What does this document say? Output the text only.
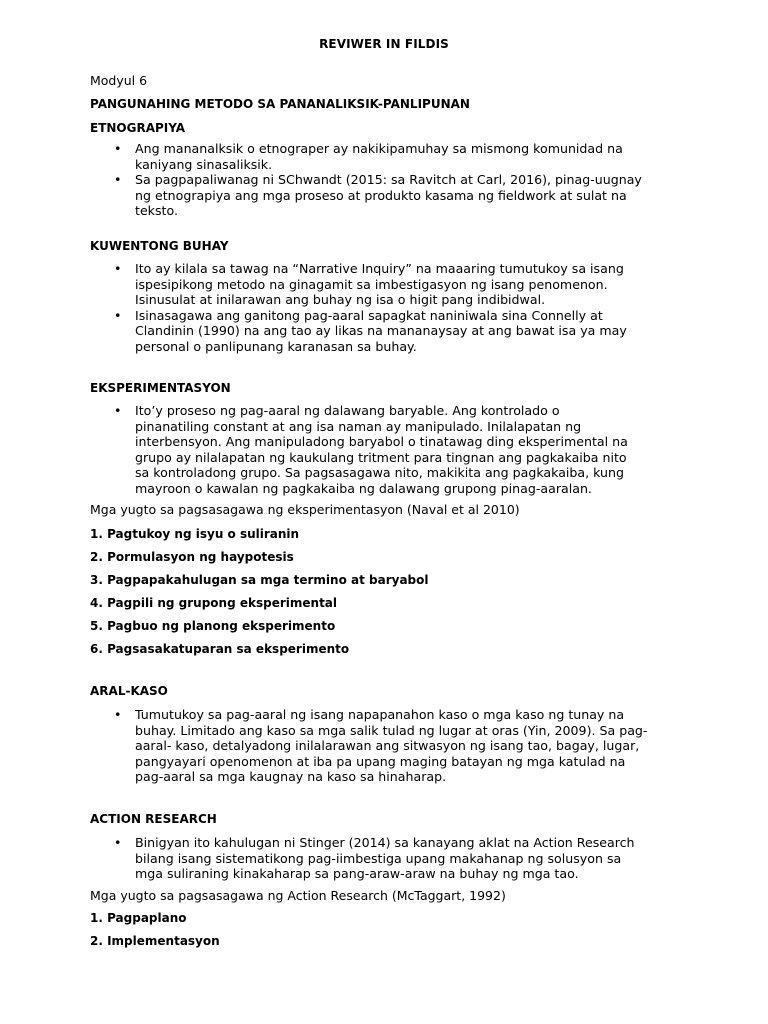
REVIWER IN FILDIS
Modyul 6
PANGUNAHING METODO SA PANANALIKSIK-PANLIPUNAN
ETNOGRAPIYA
• Ang mananalksik o etnograper ay nakikipamuhay sa mismong komunidad na
kaniyang sinasaliksik.
• Sa pagpapaliwanag ni SChwandt (2015: sa Ravitch at Carl, 2016), pinag-uugnay
ng etnograpiya ang mga proseso at produkto kasama ng fieldwork at sulat na
teksto.
KUWENTONG BUHAY
• Ito ay kilala sa tawag na “Narrative Inquiry” na maaaring tumutukoy sa isang
ispesipikong metodo na ginagamit sa imbestigasyon ng isang penomenon.
Isinusulat at inilarawan ang buhay ng isa o higit pang indibidwal.
• Isinasagawa ang ganitong pag-aaral sapagkat naniniwala sina Connelly at
Clandinin (1990) na ang tao ay likas na mananaysay at ang bawat isa ya may
personal o panlipunang karanasan sa buhay.
EKSPERIMENTASYON
• Ito’y proseso ng pag-aaral ng dalawang baryable. Ang kontrolado o
pinanatiling constant at ang isa naman ay manipulado. Inilalapatan ng
interbensyon. Ang manipuladong baryabol o tinatawag ding eksperimental na
grupo ay nilalapatan ng kaukulang tritment para tingnan ang pagkakaiba nito
sa kontroladong grupo. Sa pagsasagawa nito, makikita ang pagkakaiba, kung
mayroon o kawalan ng pagkakaiba ng dalawang grupong pinag-aaralan.
Mga yugto sa pagsasagawa ng eksperimentasyon (Naval et al 2010)
1. Pagtukoy ng isyu o suliranin
2. Pormulasyon ng haypotesis
3. Pagpapakahulugan sa mga termino at baryabol
4. Pagpili ng grupong eksperimental
5. Pagbuo ng planong eksperimento
6. Pagsasakatuparan sa eksperimento
ARAL-KASO
• Tumutukoy sa pag-aaral ng isang napapanahon kaso o mga kaso ng tunay na
buhay. Limitado ang kaso sa mga salik tulad ng lugar at oras (Yin, 2009). Sa pag-
aaral- kaso, detalyadong inilalarawan ang sitwasyon ng isang tao, bagay, lugar,
pangyayari openomenon at iba pa upang maging batayan ng mga katulad na
pag-aaral sa mga kaugnay na kaso sa hinaharap.
ACTION RESEARCH
• Binigyan ito kahulugan ni Stinger (2014) sa kanayang aklat na Action Research
bilang isang sistematikong pag-iimbestiga upang makahanap ng solusyon sa
mga suliraning kinakaharap sa pang-araw-araw na buhay ng mga tao.
Mga yugto sa pagsasagawa ng Action Research (McTaggart, 1992)
1. Pagpaplano
2. Implementasyon
